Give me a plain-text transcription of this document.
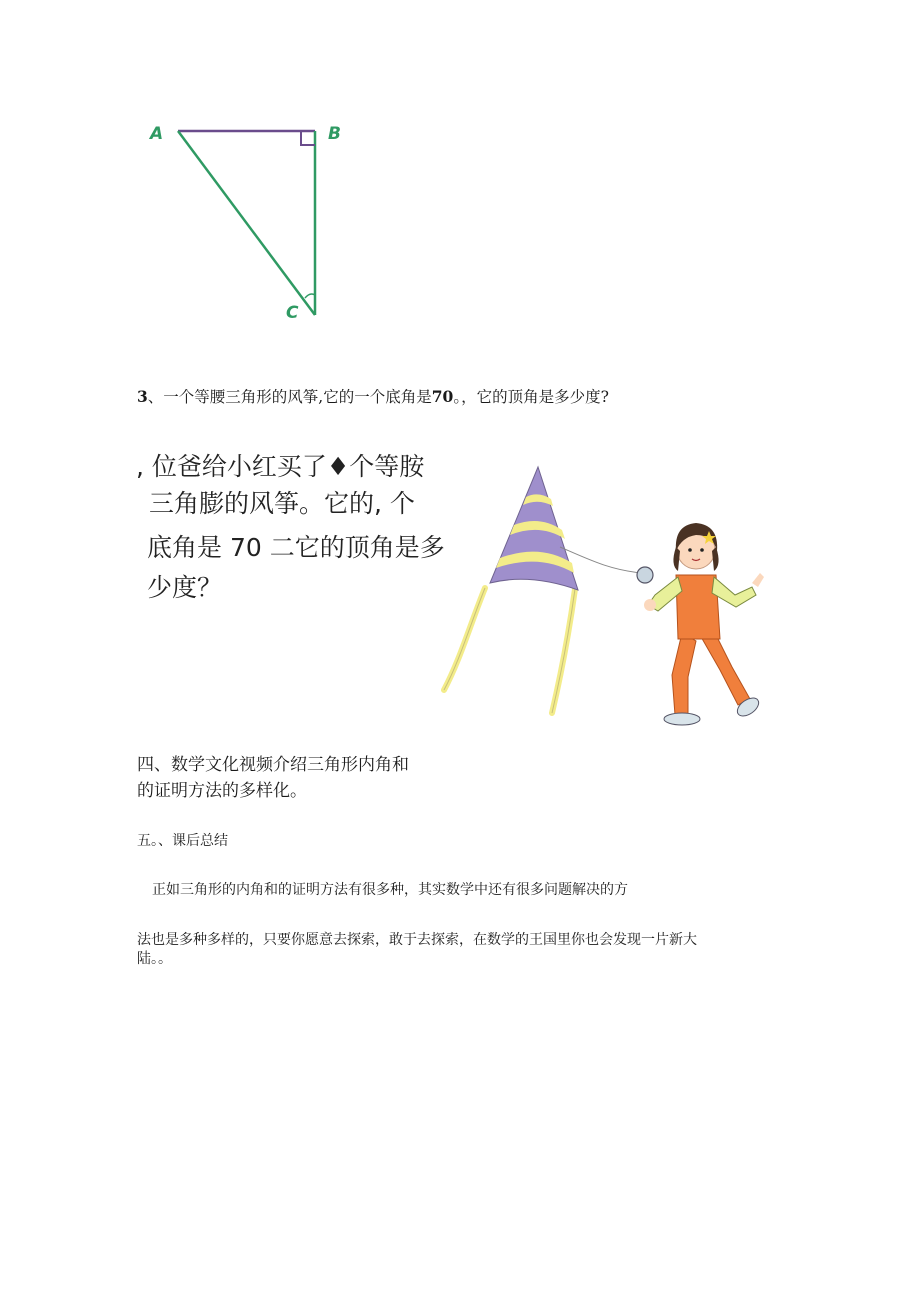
A	B
C
3、一个等腰三角形的风筝,它的一个底角是70。，它的顶角是多少度?
, 位爸给小红买了♦个等胺
三角膨的风筝。它的, 个
底角是 70 二它的顶角是多
少度？
四、数学文化视频介绍三角形内角和
的证明方法的多样化。
五。、课后总结
正如三角形的内角和的证明方法有很多种，其实数学中还有很多问题解决的方
法也是多种多样的，只要你愿意去探索，敢于去探索，在数学的王国里你也会发现一片新大
陆。。
